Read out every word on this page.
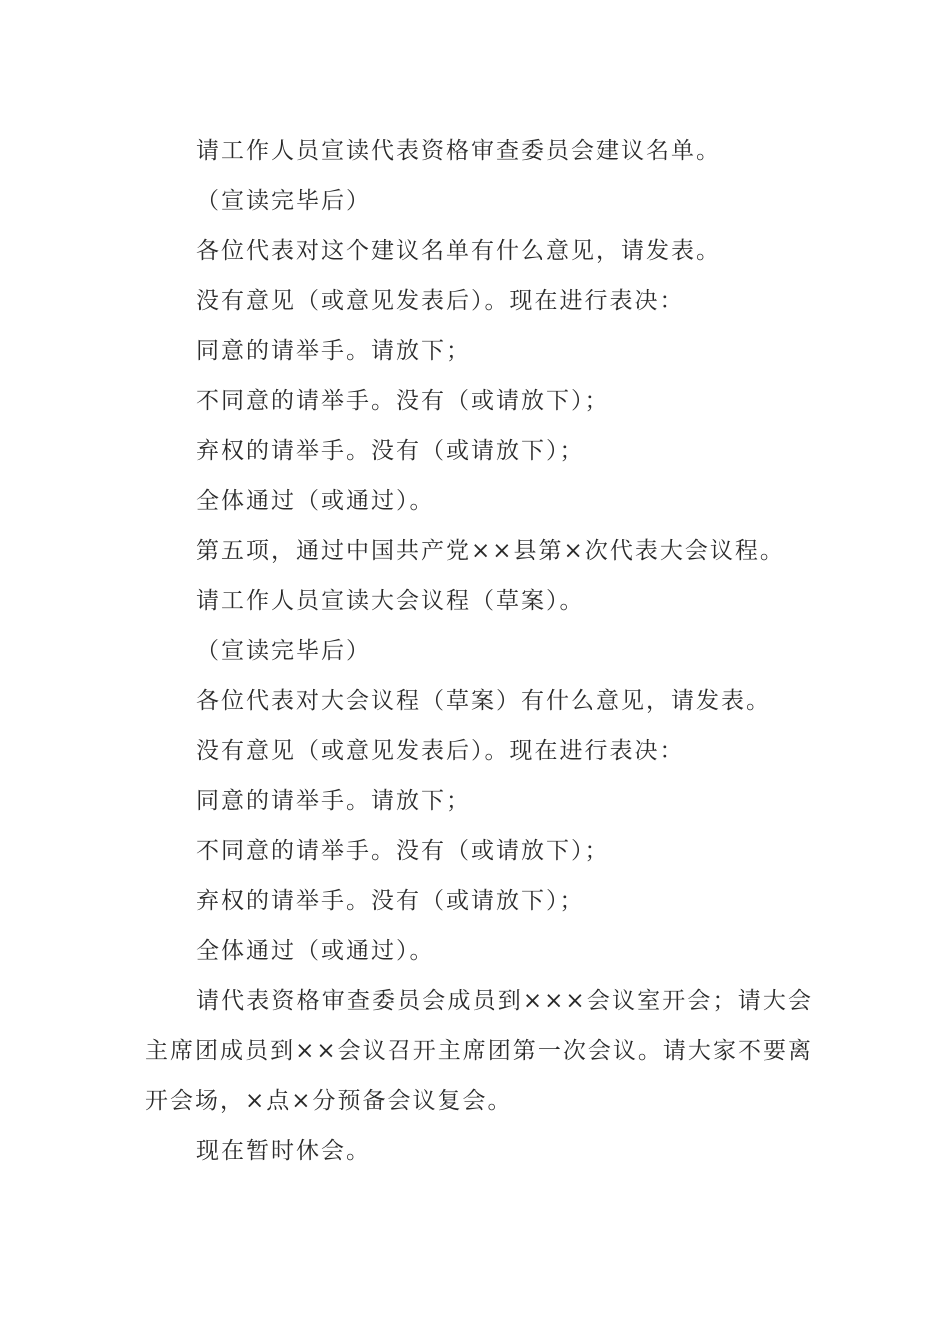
请工作人员宣读代表资格审查委员会建议名单。

（宣读完毕后）

各位代表对这个建议名单有什么意见，请发表。

没有意见（或意见发表后）。现在进行表决：

同意的请举手。请放下；

不同意的请举手。没有（或请放下）；

弃权的请举手。没有（或请放下）；

全体通过（或通过）。

第五项，通过中国共产党××县第×次代表大会议程。

请工作人员宣读大会议程（草案）。

（宣读完毕后）

各位代表对大会议程（草案）有什么意见，请发表。

没有意见（或意见发表后）。现在进行表决：

同意的请举手。请放下；

不同意的请举手。没有（或请放下）；

弃权的请举手。没有（或请放下）；

全体通过（或通过）。

请代表资格审查委员会成员到×××会议室开会；请大会主席团成员到××会议召开主席团第一次会议。请大家不要离开会场，×点×分预备会议复会。

现在暂时休会。
